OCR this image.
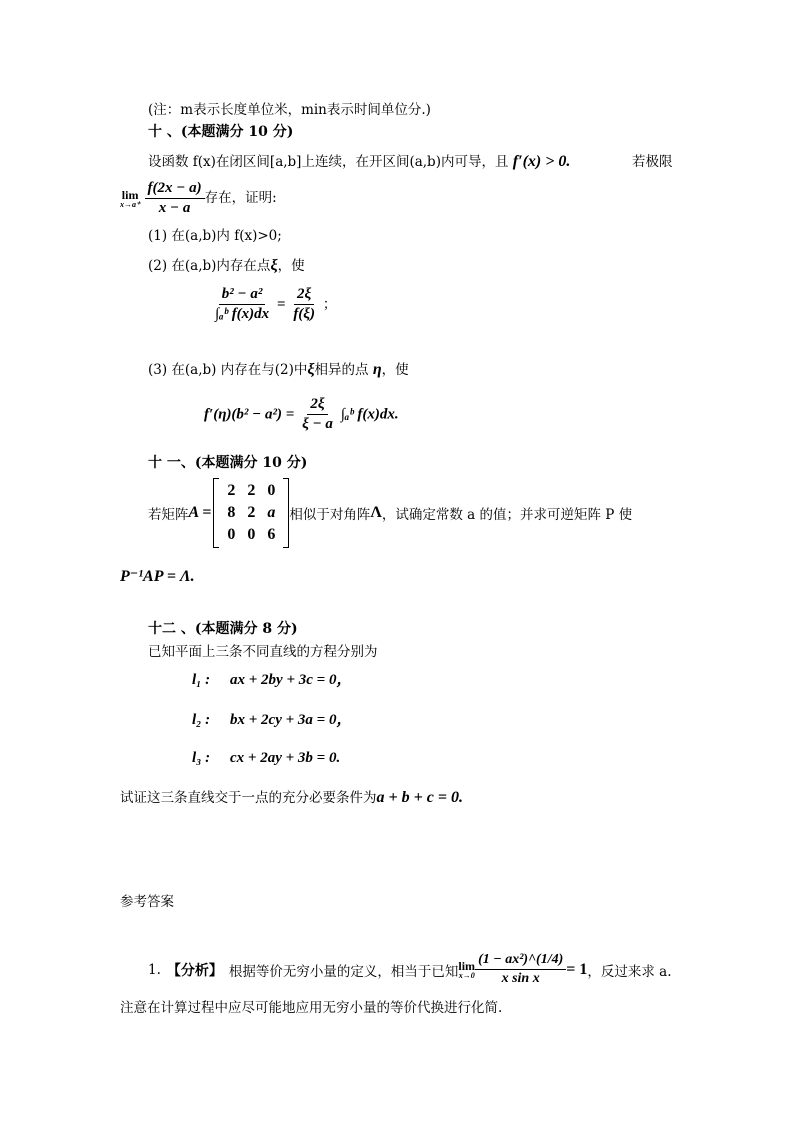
(注：m表示长度单位米，min表示时间单位分.)
十 、(本题满分 10 分)
设函数 f(x)在闭区间[a,b]上连续，在开区间(a,b)内可导，且 f′(x) > 0.	若极限
lim
x→a⁺
$\frac{f(2x - a)}{x - a}$ 存在，证明:
(1) 在(a,b)内 f(x)>0;
(2) 在(a,b)内存在点ξ，使
$\frac{\text{b² − a²}}{\text{∫ₐᵇ f(x)dx}} = \frac{2\xi}{f(\xi)}$ ；
(3) 在(a,b) 内存在与(2)中ξ相异的点 η，使
$f'(\eta)(b^2 - a^2) = \frac{2\xi}{\xi - a}$ ∫ₐᵇ f(x)dx.
十 一、(本题满分 10 分)
若矩阵 A =
2	2	0
8	2	a
0	0	6
相似于对角阵 Λ ，试确定常数 a 的值；并求可逆矩阵 P 使
P⁻¹AP = Λ.
十二 、(本题满分 8 分)
已知平面上三条不同直线的方程分别为
l₁ : ax + 2by + 3c = 0，
l₂ : bx + 2cy + 3a = 0，
l₃ : cx + 2ay + 3b = 0.
试证这三条直线交于一点的充分必要条件为a + b + c = 0.
参考答案
1. 【分析】 根据等价无穷小量的定义，相当于已知 lim
$x\to 0 \frac{\text{(1 − ax²)\textasciicircum{}(1/4)}}{\text{x sin x}} = 1$ ，反过来求 a.
注意在计算过程中应尽可能地应用无穷小量的等价代换进行化简.
